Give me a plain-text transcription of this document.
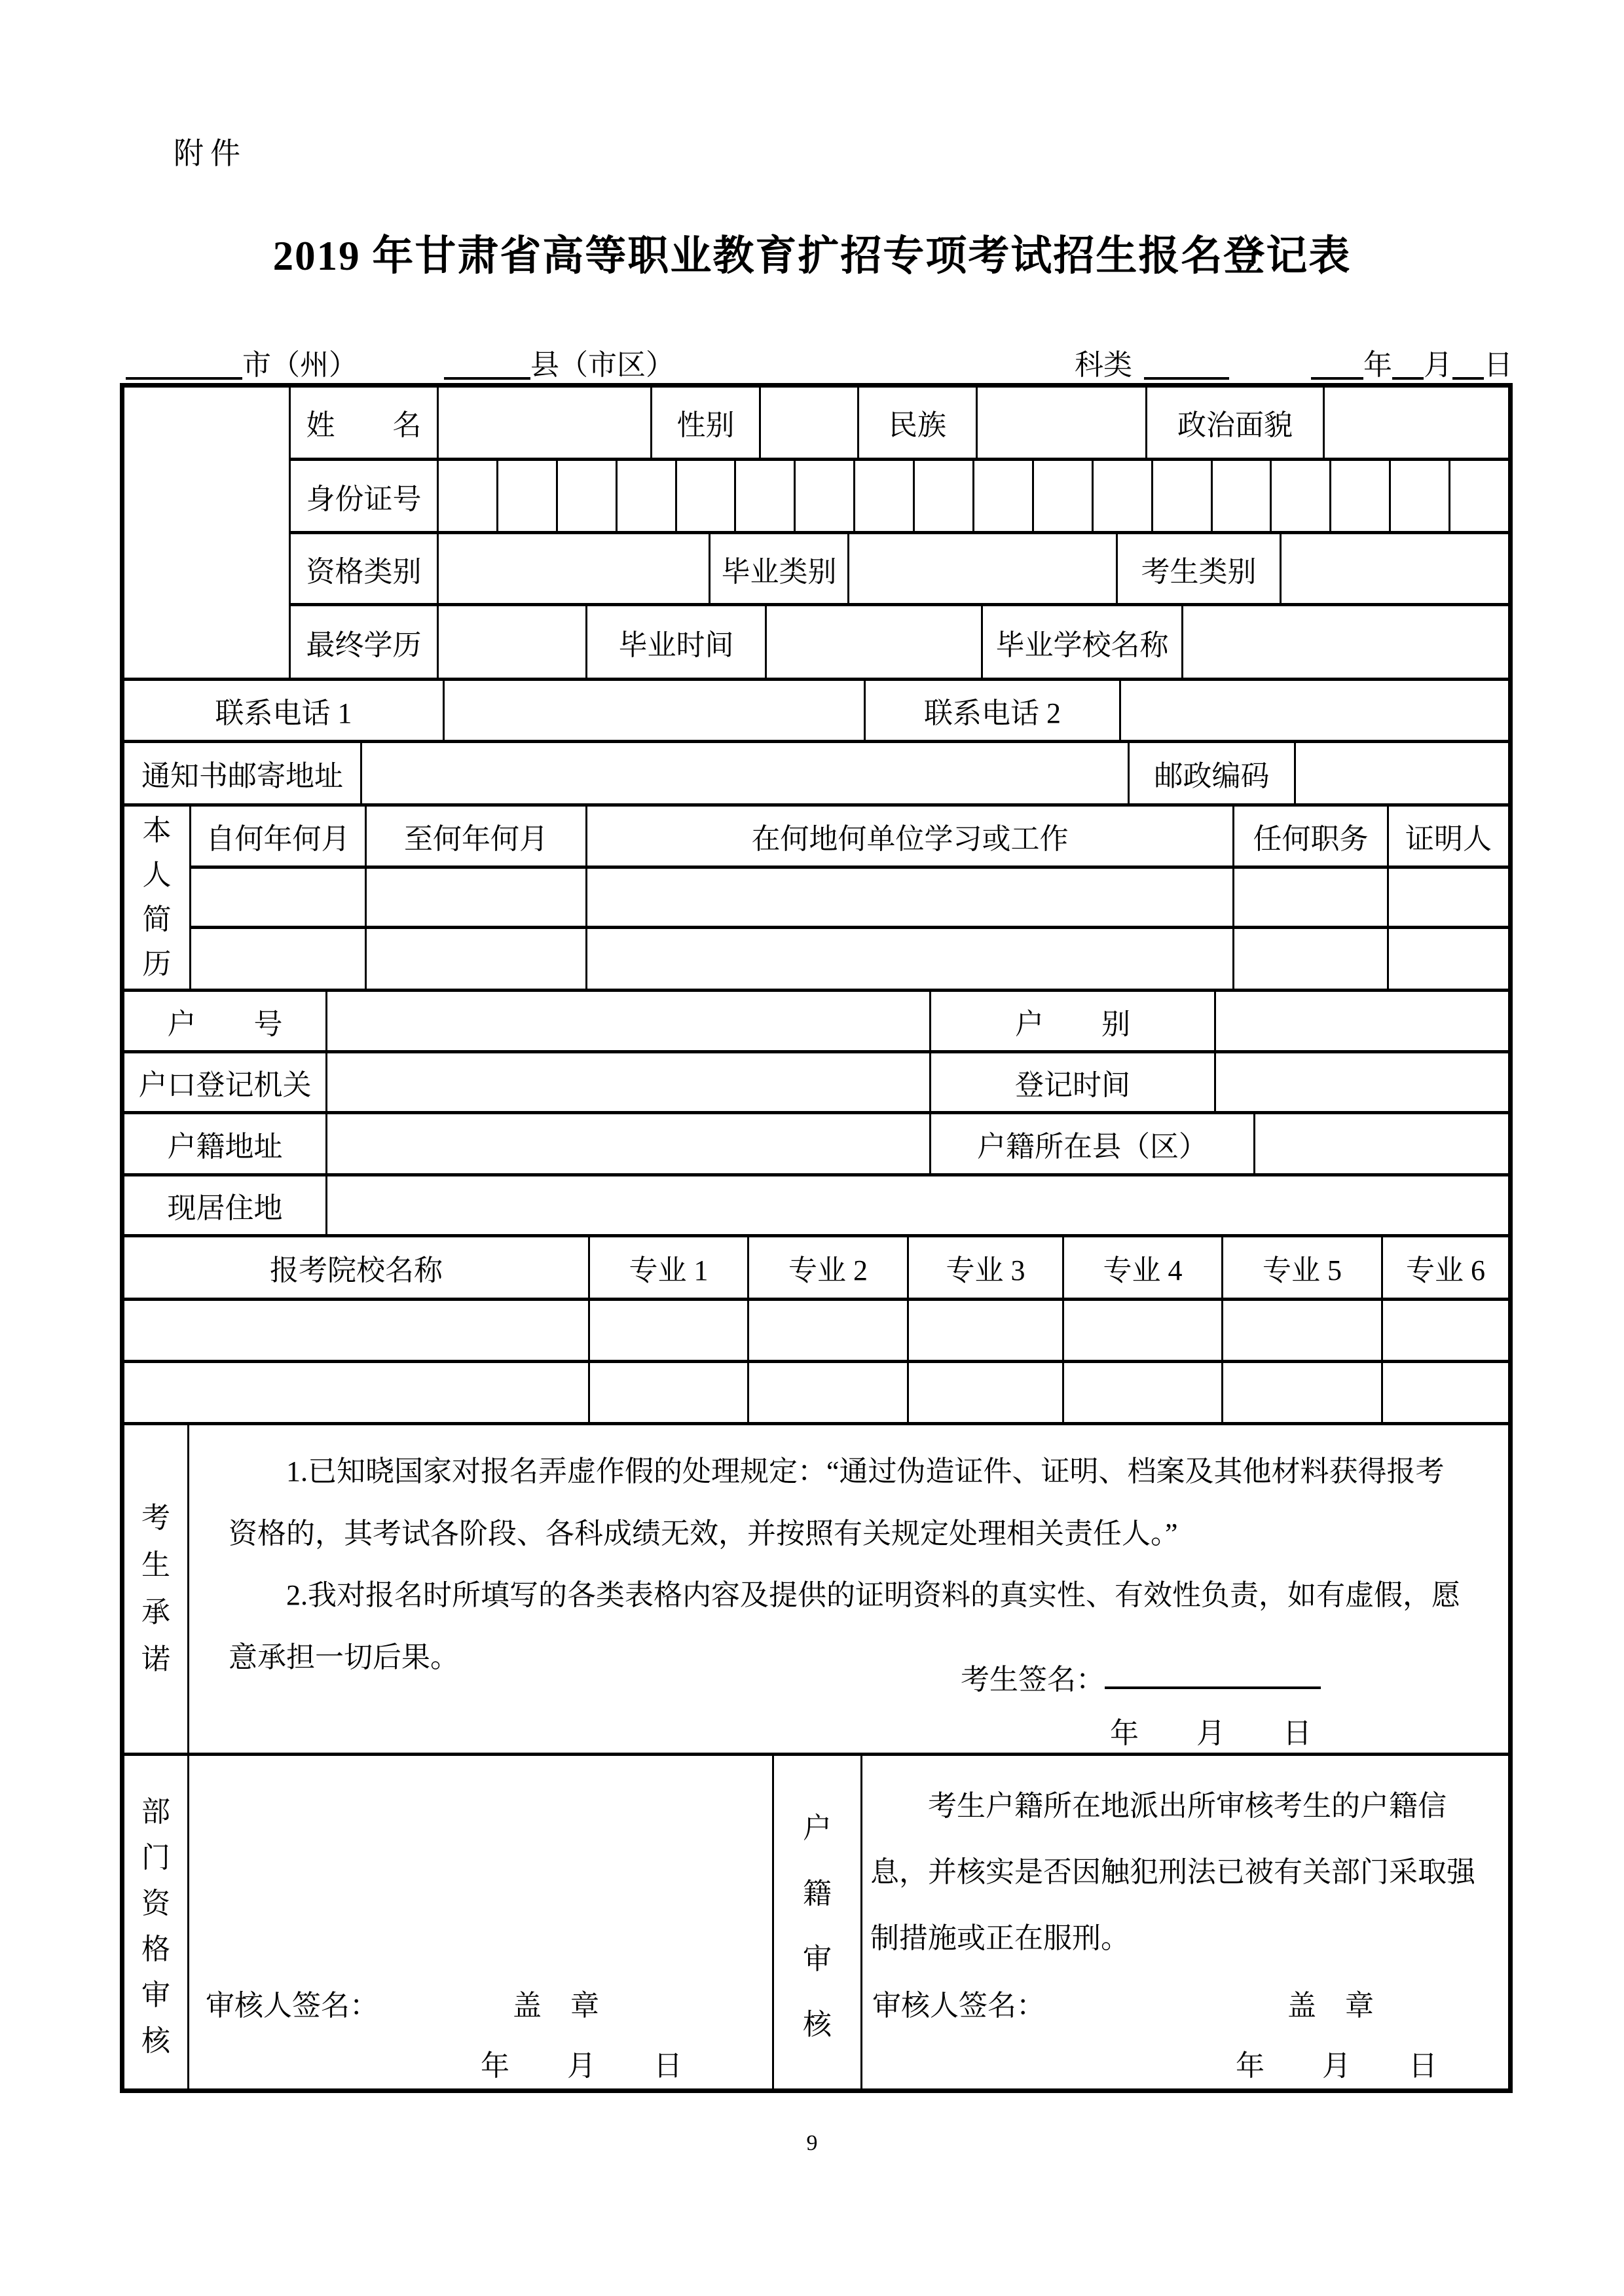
附件
2019 年甘肃省高等职业教育扩招专项考试招生报名登记表
市（州）	县（市区）	科类	年 月 日
姓　　名	性别	民族	政治面貌
身份证号
资格类别	毕业类别	考生类别
最终学历	毕业时间	毕业学校名称
联系电话 1	联系电话 2
通知书邮寄地址	邮政编码
本人简历
自何年何月	至何年何月	在何地何单位学习或工作	任何职务	证明人
户　　号	户　　别
户口登记机关	登记时间
户籍地址	户籍所在县（区）
现居住地
报考院校名称	专业 1	专业 2	专业 3	专业 4	专业 5	专业 6
考生承诺

1.已知晓国家对报名弄虚作假的处理规定：“通过伪造证件、证明、档案及其他材料获得报考资格的，其考试各阶段、各科成绩无效，并按照有关规定处理相关责任人。”

2.我对报名时所填写的各类表格内容及提供的证明资料的真实性、有效性负责，如有虚假，愿意承担一切后果。

考生签名：
年　　月　　日
部门资格审核
审核人签名：	盖　章
年　　月　　日
户籍审核

考生户籍所在地派出所审核考生的户籍信息，并核实是否因触犯刑法已被有关部门采取强制措施或正在服刑。

审核人签名：	盖　章
年　　月　　日
9
